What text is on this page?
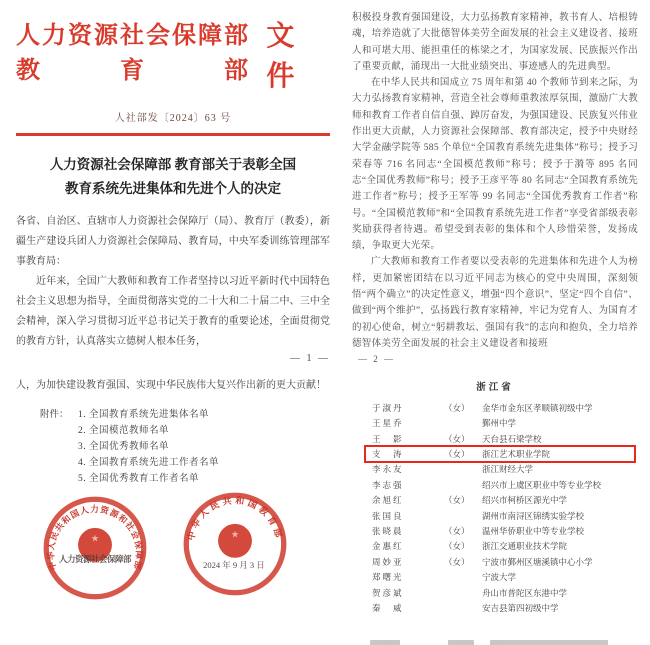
人力资源社会保障部
教　　　育　　　部
文件
人社部发〔2024〕63 号
人力资源社会保障部 教育部关于表彰全国
教育系统先进集体和先进个人的决定

各省、自治区、直辖市人力资源社会保障厅（局）、教育厅（教委），新疆生产建设兵团人力资源社会保障局、教育局，中央军委训练管理部军事教育局：

近年来，全国广大教师和教育工作者坚持以习近平新时代中国特色社会主义思想为指导，全面贯彻落实党的二十大和二十届二中、三中全会精神，深入学习贯彻习近平总书记关于教育的重要论述，全面贯彻党的教育方针，认真落实立德树人根本任务，

— 1 —
人，为加快建设教育强国、实现中华民族伟大复兴作出新的更大贡献！
附件： 1. 全国教育系统先进集体名单
2. 全国模范教师名单
3. 全国优秀教师名单
4. 全国教育系统先进工作者名单
5. 全国优秀教育工作者名单
★
中华人民共和国人力资源和社会保障部
★
中华人民共和国教育部
人力资源社会保障部
2024 年 9 月 3 日

积极投身教育强国建设，大力弘扬教育家精神，教书育人、培根铸魂，培养造就了大批德智体美劳全面发展的社会主义建设者、接班人和可堪大用、能担重任的栋梁之才，为国家发展、民族振兴作出了重要贡献，涌现出一大批业绩突出、事迹感人的先进典型。

在中华人民共和国成立 75 周年和第 40 个教师节到来之际，为大力弘扬教育家精神，营造全社会尊师重教浓厚氛围，激励广大教师和教育工作者自信自强、踔厉奋发，为强国建设、民族复兴伟业作出更大贡献，人力资源社会保障部、教育部决定，授予中央财经大学金融学院等 585 个单位“全国教育系统先进集体”称号；授予习荣春等 716 名同志“全国模范教师”称号；授予于漪等 895 名同志“全国优秀教师”称号；授予王彦平等 80 名同志“全国教育系统先进工作者”称号；授予王军等 99 名同志“全国优秀教育工作者”称号。“全国模范教师”和“全国教育系统先进工作者”享受省部级表彰奖励获得者待遇。希望受到表彰的集体和个人珍惜荣誉，发扬成绩，争取更大光荣。

广大教师和教育工作者要以受表彰的先进集体和先进个人为榜样，更加紧密团结在以习近平同志为核心的党中央周围，深刻领悟“两个确立”的决定性意义，增强“四个意识”、坚定“四个自信”、做到“两个维护”，弘扬践行教育家精神，牢记为党育人、为国育才的初心使命，树立“躬耕教坛、强国有我”的志向和抱负，全力培养德智体美劳全面发展的社会主义建设者和接班

— 2 —
浙江省
于淑丹	（女）	金华市金东区孝顺镇初级中学
王星乔	鄞州中学
王　影	（女）	天台县石梁学校
支　涛	（女）	浙江艺术职业学院
李永友	浙江财经大学
李志强	绍兴市上虞区职业中等专业学校
余旭红	（女）	绍兴市柯桥区源光中学
张国良	湖州市南浔区锦绣实验学校
张晓晨	（女）	温州华侨职业中等专业学校
金惠红	（女）	浙江交通职业技术学院
周妙亚	（女）	宁波市鄞州区塘溪镇中心小学
郑曙光	宁波大学
贺彦斌	舟山市普陀区东港中学
秦　威	安吉县第四初级中学
